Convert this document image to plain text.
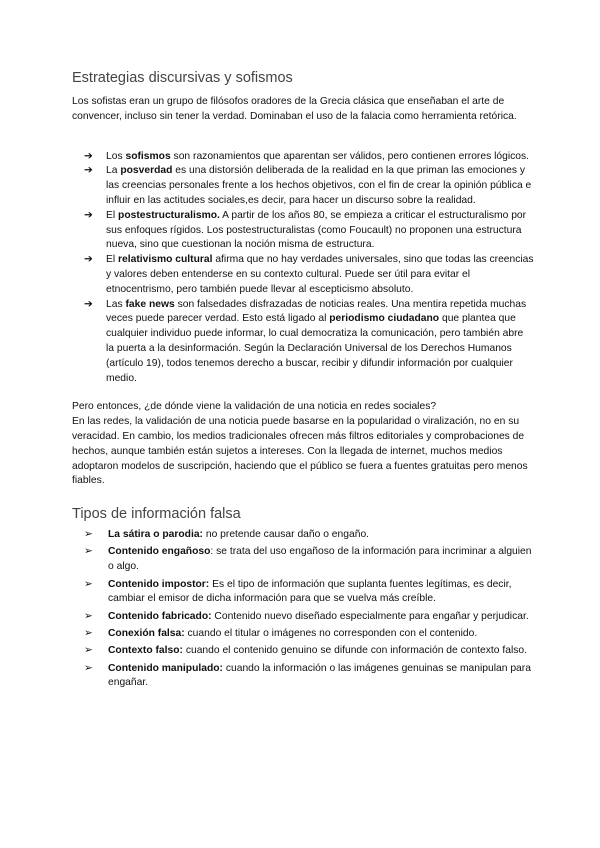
Estrategias discursivas y sofismos

Los sofistas eran un grupo de filósofos oradores de la Grecia clásica que enseñaban el arte de convencer, incluso sin tener la verdad. Dominaban el uso de la falacia como herramienta retórica.

➔ Los sofismos son razonamientos que aparentan ser válidos, pero contienen errores lógicos.
➔ La posverdad es una distorsión deliberada de la realidad en la que priman las emociones y las creencias personales frente a los hechos objetivos, con el fin de crear la opinión pública e influir en las actitudes sociales,es decir, para hacer un discurso sobre la realidad.
➔ El postestructuralismo. A partir de los años 80, se empieza a criticar el estructuralismo por sus enfoques rígidos. Los postestructuralistas (como Foucault) no proponen una estructura nueva, sino que cuestionan la noción misma de estructura.
➔ El relativismo cultural afirma que no hay verdades universales, sino que todas las creencias y valores deben entenderse en su contexto cultural. Puede ser útil para evitar el etnocentrismo, pero también puede llevar al escepticismo absoluto.
➔ Las fake news son falsedades disfrazadas de noticias reales. Una mentira repetida muchas veces puede parecer verdad. Esto está ligado al periodismo ciudadano que plantea que cualquier individuo puede informar, lo cual democratiza la comunicación, pero también abre la puerta a la desinformación. Según la Declaración Universal de los Derechos Humanos (artículo 19), todos tenemos derecho a buscar, recibir y difundir información por cualquier medio.

Pero entonces, ¿de dónde viene la validación de una noticia en redes sociales?

En las redes, la validación de una noticia puede basarse en la popularidad o viralización, no en su veracidad. En cambio, los medios tradicionales ofrecen más filtros editoriales y comprobaciones de hechos, aunque también están sujetos a intereses. Con la llegada de internet, muchos medios adoptaron modelos de suscripción, haciendo que el público se fuera a fuentes gratuitas pero menos fiables.

Tipos de información falsa
➢ La sátira o parodia: no pretende causar daño o engaño.
➢ Contenido engañoso: se trata del uso engañoso de la información para incriminar a alguien o algo.
➢ Contenido impostor: Es el tipo de información que suplanta fuentes legítimas, es decir, cambiar el emisor de dicha información para que se vuelva más creíble.
➢ Contenido fabricado: Contenido nuevo diseñado especialmente para engañar y perjudicar.
➢ Conexión falsa: cuando el titular o imágenes no corresponden con el contenido.
➢ Contexto falso: cuando el contenido genuino se difunde con información de contexto falso.
➢ Contenido manipulado: cuando la información o las imágenes genuinas se manipulan para engañar.
